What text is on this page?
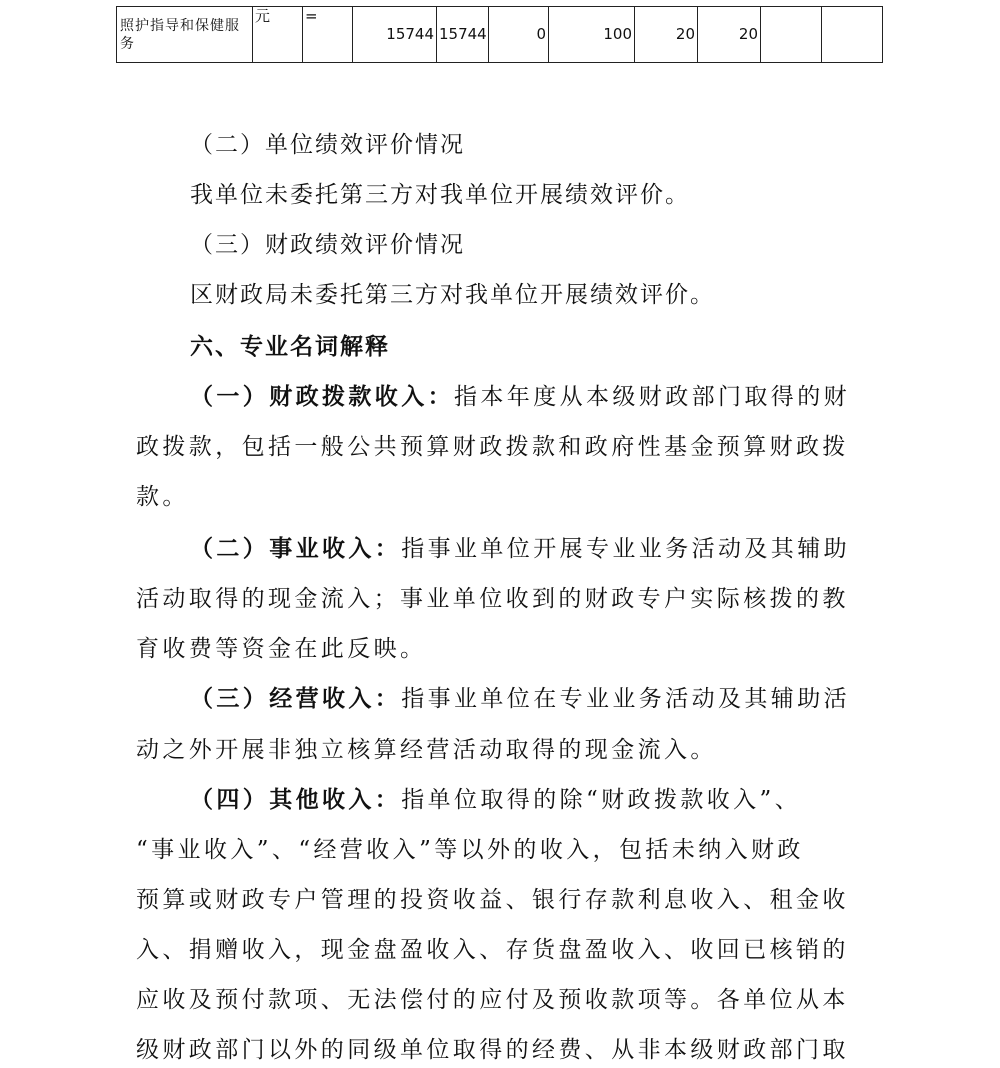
照护指导和保健服务	元	=	15744	15744	0	100	20	20		

（二）单位绩效评价情况

我单位未委托第三方对我单位开展绩效评价。

（三）财政绩效评价情况

区财政局未委托第三方对我单位开展绩效评价。

六、专业名词解释

（一）财政拨款收入：指本年度从本级财政部门取得的财

政拨款，包括一般公共预算财政拨款和政府性基金预算财政拨

款。

（二）事业收入：指事业单位开展专业业务活动及其辅助

活动取得的现金流入；事业单位收到的财政专户实际核拨的教

育收费等资金在此反映。

（三）经营收入：指事业单位在专业业务活动及其辅助活

动之外开展非独立核算经营活动取得的现金流入。

（四）其他收入：指单位取得的除“财政拨款收入”、

“事业收入”、“经营收入”等以外的收入，包括未纳入财政

预算或财政专户管理的投资收益、银行存款利息收入、租金收

入、捐赠收入，现金盘盈收入、存货盘盈收入、收回已核销的

应收及预付款项、无法偿付的应付及预收款项等。各单位从本

级财政部门以外的同级单位取得的经费、从非本级财政部门取
